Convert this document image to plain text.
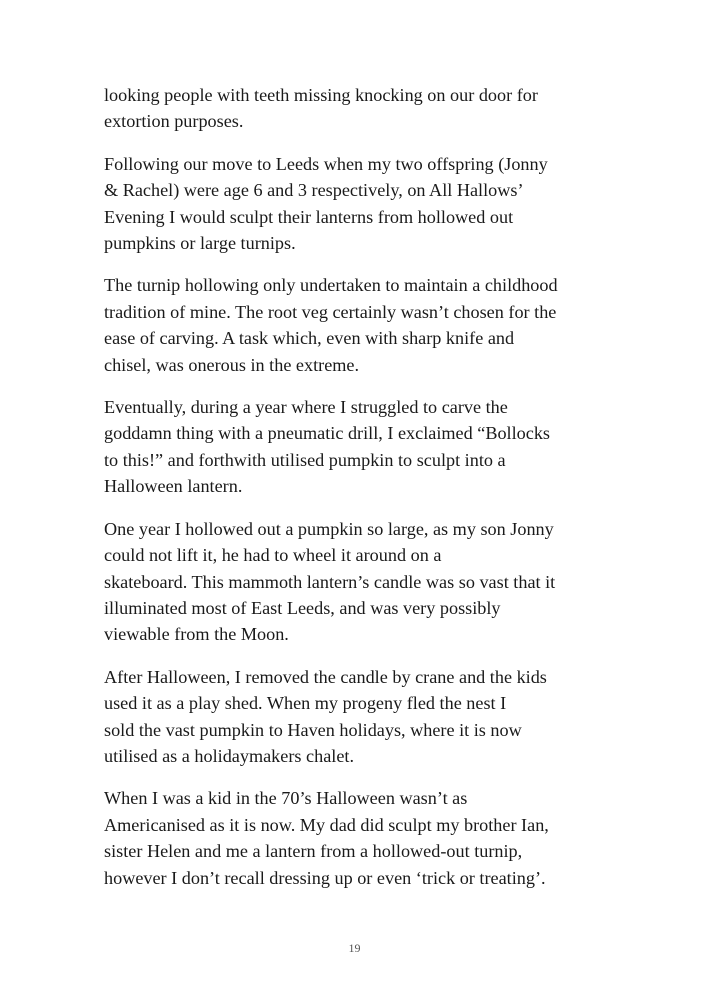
looking people with teeth missing knocking on our door for
extortion purposes.

Following our move to Leeds when my two offspring (Jonny
& Rachel) were age 6 and 3 respectively, on All Hallows’
Evening I would sculpt their lanterns from hollowed out
pumpkins or large turnips.

The turnip hollowing only undertaken to maintain a childhood
tradition of mine. The root veg certainly wasn’t chosen for the
ease of carving. A task which, even with sharp knife and
chisel, was onerous in the extreme.

Eventually, during a year where I struggled to carve the
goddamn thing with a pneumatic drill, I exclaimed “Bollocks
to this!” and forthwith utilised pumpkin to sculpt into a
Halloween lantern.

One year I hollowed out a pumpkin so large, as my son Jonny
could not lift it, he had to wheel it around on a
skateboard. This mammoth lantern’s candle was so vast that it
illuminated most of East Leeds, and was very possibly
viewable from the Moon.

After Halloween, I removed the candle by crane and the kids
used it as a play shed. When my progeny fled the nest I
sold the vast pumpkin to Haven holidays, where it is now
utilised as a holidaymakers chalet.

When I was a kid in the 70’s Halloween wasn’t as
Americanised as it is now. My dad did sculpt my brother Ian,
sister Helen and me a lantern from a hollowed-out turnip,
however I don’t recall dressing up or even ‘trick or treating’.

19
